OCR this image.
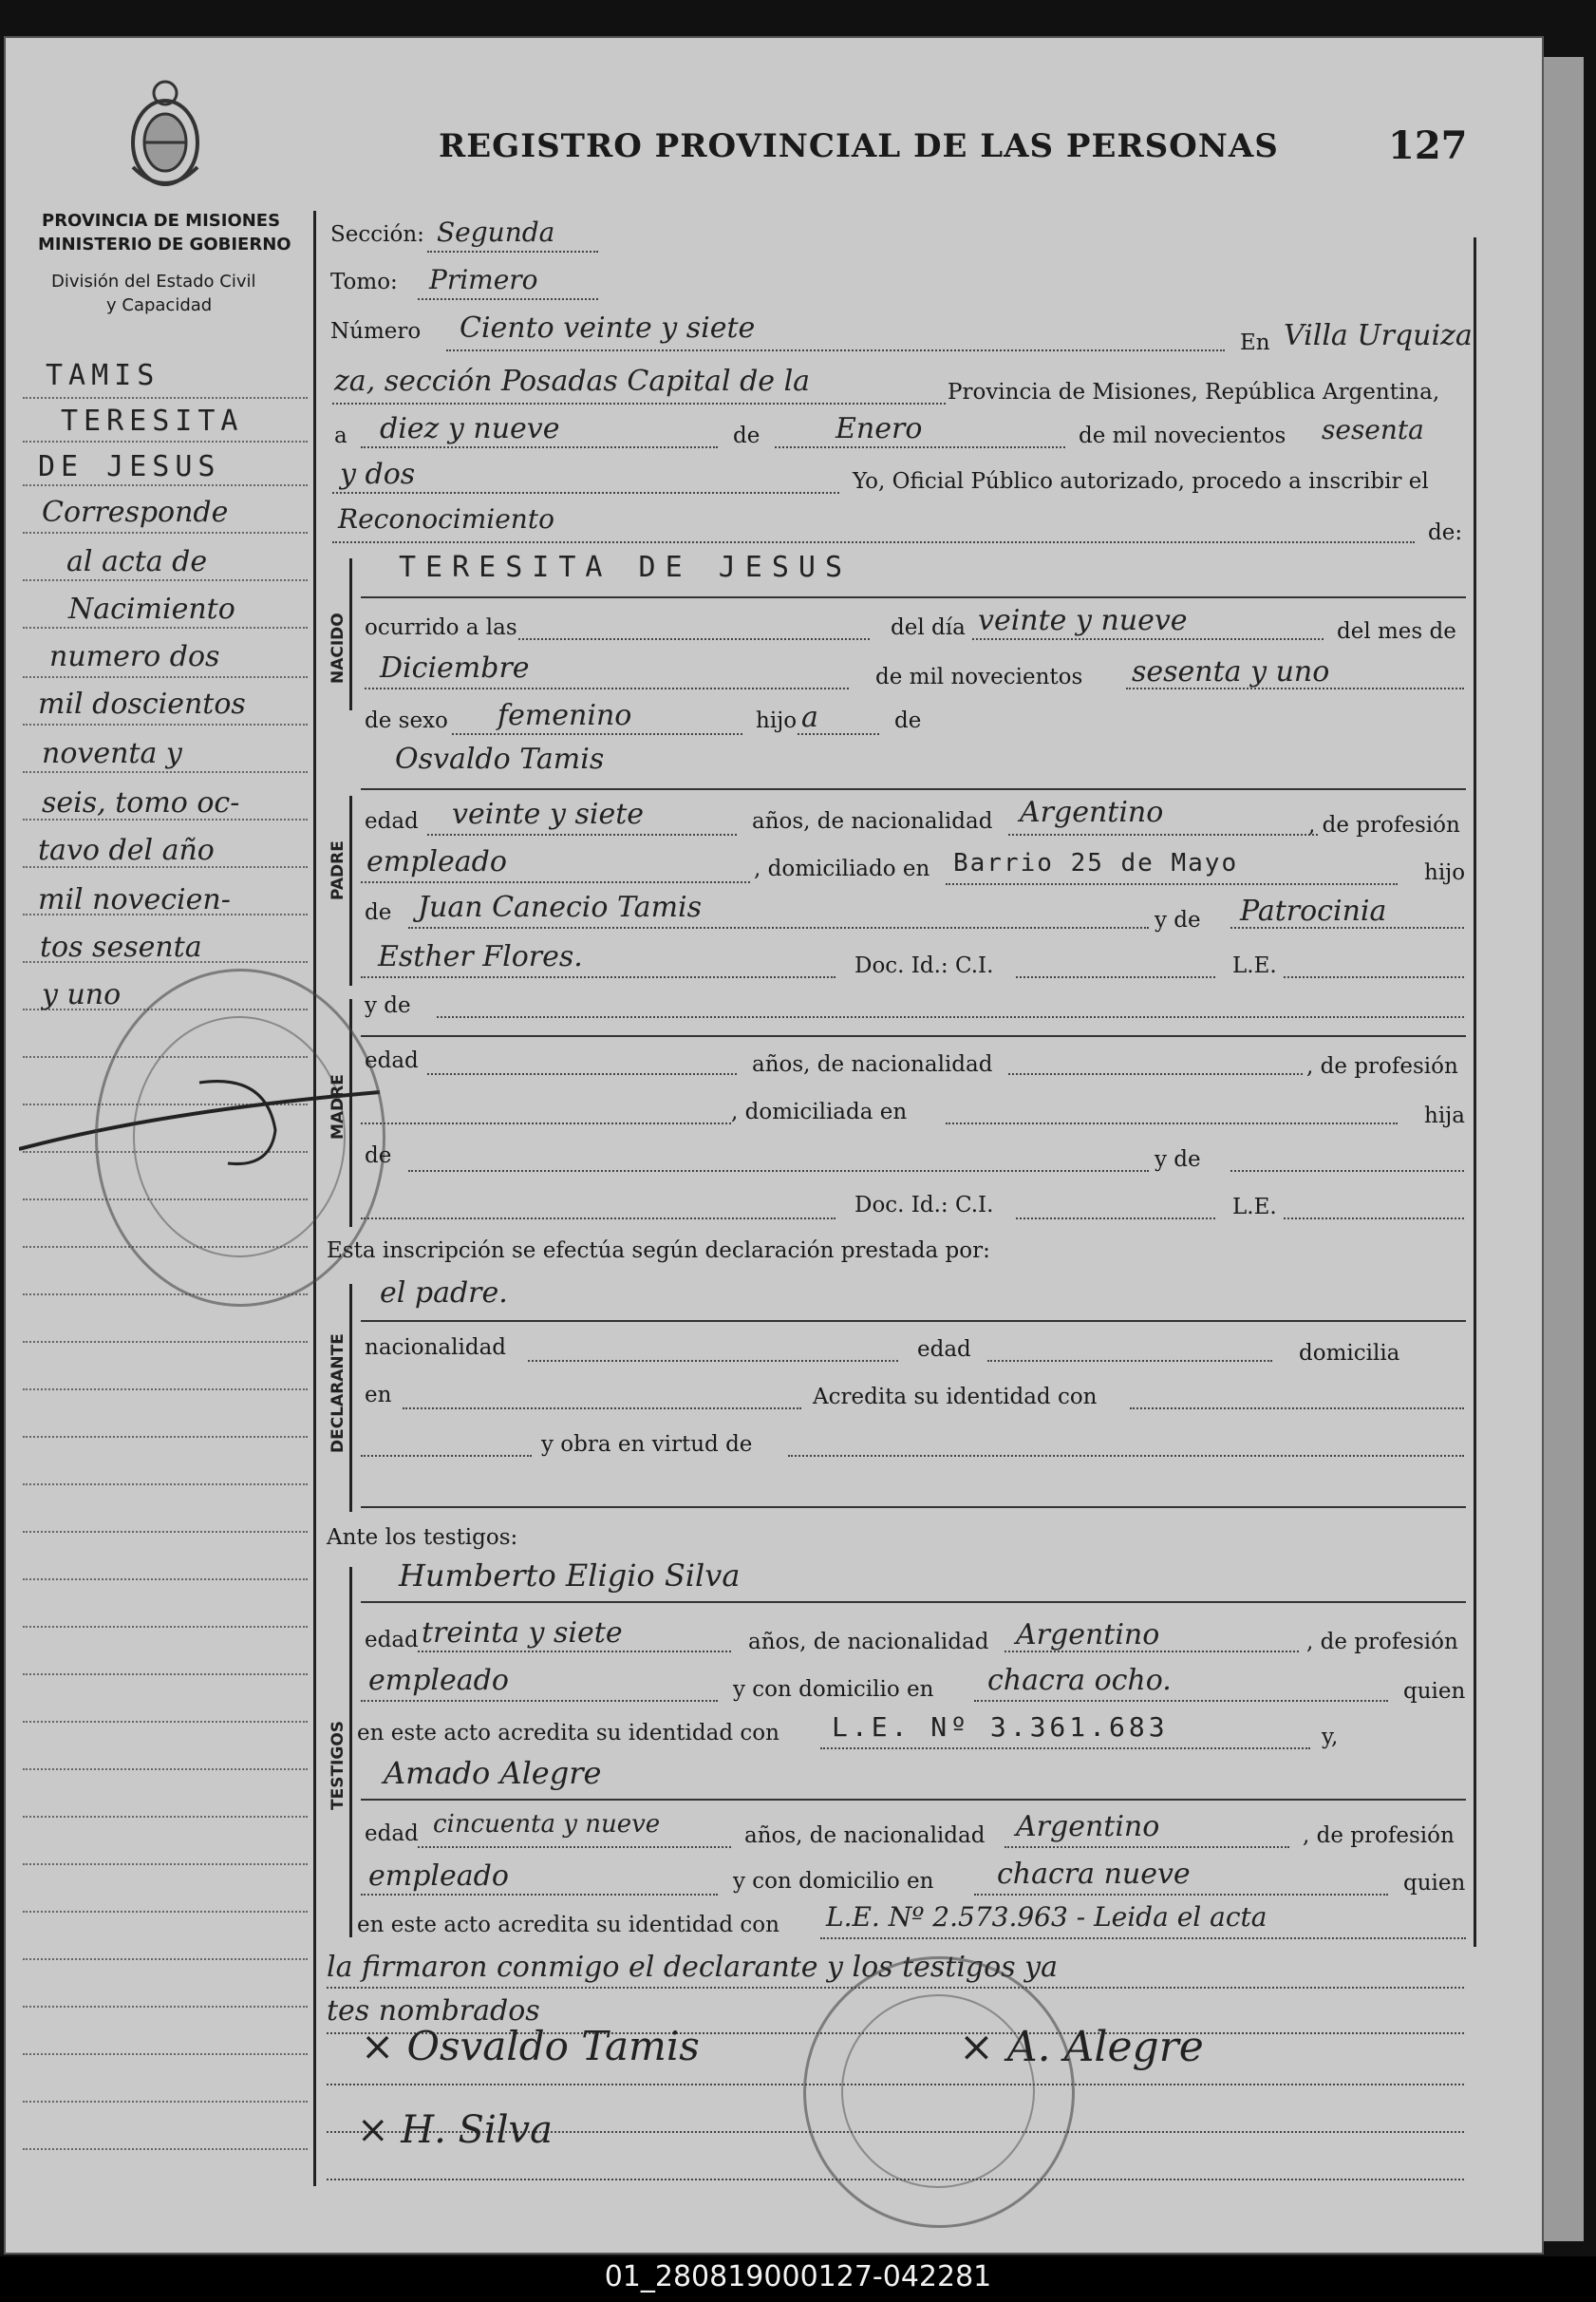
REGISTRO PROVINCIAL DE LAS PERSONAS	127
PROVINCIA DE MISIONES
MINISTERIO DE GOBIERNO
División del Estado Civil
y Capacidad
TAMIS
TERESITA
DE JESUS
Corresponde
al acta de
Nacimiento
numero dos
mil doscientos
noventa y
seis, tomo oc-
tavo del año
mil novecien-
tos sesenta
y uno
Sección: Segunda
Tomo: Primero
Número Ciento veinte y siete	En Villa Urquiza
za, sección Posadas Capital de la	Provincia de Misiones, República Argentina,
a diez y nueve	de	Enero	de mil novecientos sesenta
y dos	Yo, Oficial Público autorizado, procedo a inscribir el
Reconocimiento	de:
NACIDO
TERESITA DE JESUS
ocurrido a las	del día veinte y nueve	del mes de
Diciembre	de mil novecientos sesenta y uno
de sexo femenino	hijo a	de
Osvaldo Tamis
PADRE
edad veinte y siete	años, de nacionalidad Argentino	, de profesión
empleado	, domiciliado en Barrio 25 de Mayo	hijo
de Juan Canecio Tamis	y de Patrocinia
Esther Flores.	Doc. Id.: C.I.	L.E.
y de
MADRE
edad	años, de nacionalidad	, de profesión
, domiciliada en	hija
de	y de
Doc. Id.: C.I.	L.E.
Esta inscripción se efectúa según declaración prestada por:
el padre.
DECLARANTE nacionalidad	edad	domicilia
en	Acredita su identidad con
y obra en virtud de
Ante los testigos:
TESTIGOS
Humberto Eligio Silva
edad treinta y siete	años, de nacionalidad Argentino	, de profesión
empleado	y con domicilio en chacra ocho.	quien
en este acto acredita su identidad con L.E. Nº 3.361.683	y,
Amado Alegre
edad cincuenta y nueve	años, de nacionalidad Argentino	, de profesión
empleado	y con domicilio en chacra nueve	quien
en este acto acredita su identidad con L.E. Nº 2.573.963 - Leida el acta
la firmaron conmigo el declarante y los testigos ya
tes nombrados
× Osvaldo Tamis	× A. Alegre
× H. Silva
01_280819000127-042281
